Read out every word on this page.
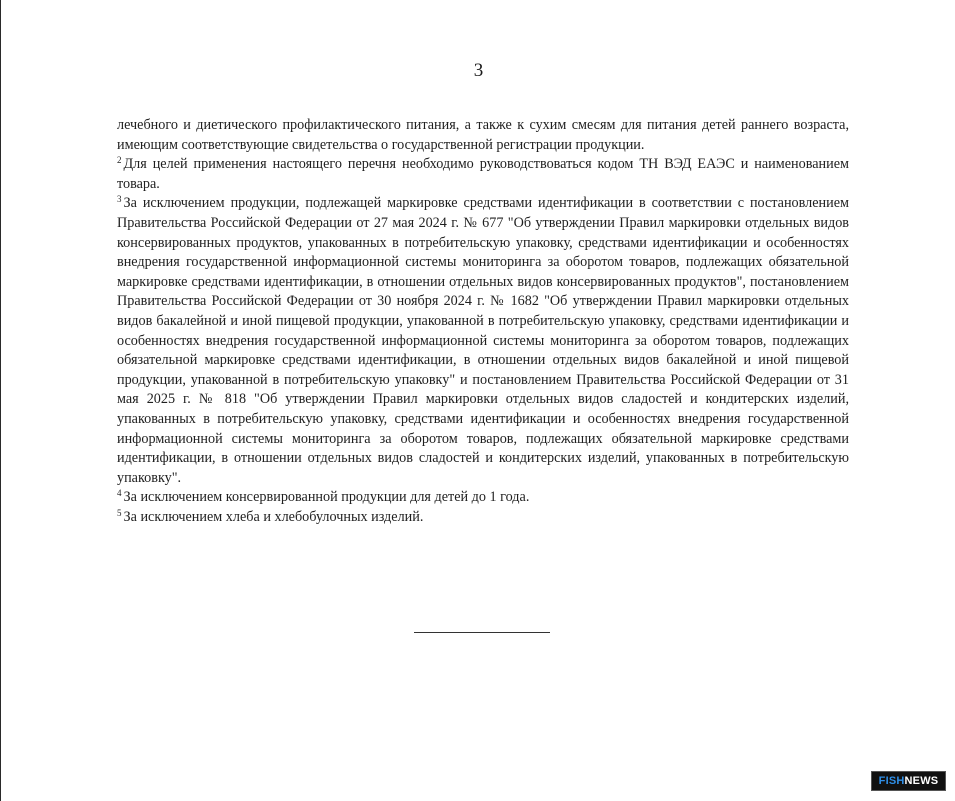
3

лечебного и диетического профилактического питания, а также к сухим смесям для питания детей раннего возраста, имеющим соответствующие свидетельства о государственной регистрации продукции.

$^2$ Для целей применения настоящего перечня необходимо руководствоваться кодом ТН ВЭД ЕАЭС и наименованием товара.

$^3$ За исключением продукции, подлежащей маркировке средствами идентификации в соответствии с постановлением Правительства Российской Федерации от 27 мая 2024 г. № 677 "Об утверждении Правил маркировки отдельных видов консервированных продуктов, упакованных в потребительскую упаковку, средствами идентификации и особенностях внедрения государственной информационной системы мониторинга за оборотом товаров, подлежащих обязательной маркировке средствами идентификации, в отношении отдельных видов консервированных продуктов", постановлением Правительства Российской Федерации от 30 ноября 2024 г. № 1682 "Об утверждении Правил маркировки отдельных видов бакалейной и иной пищевой продукции, упакованной в потребительскую упаковку, средствами идентификации и особенностях внедрения государственной информационной системы мониторинга за оборотом товаров, подлежащих обязательной маркировке средствами идентификации, в отношении отдельных видов бакалейной и иной пищевой продукции, упакованной в потребительскую упаковку" и постановлением Правительства Российской Федерации от 31 мая 2025 г. № 818 "Об утверждении Правил маркировки отдельных видов сладостей и кондитерских изделий, упакованных в потребительскую упаковку, средствами идентификации и особенностях внедрения государственной информационной системы мониторинга за оборотом товаров, подлежащих обязательной маркировке средствами идентификации, в отношении отдельных видов сладостей и кондитерских изделий, упакованных в потребительскую упаковку".

$^4$ За исключением консервированной продукции для детей до 1 года.

$^5$ За исключением хлеба и хлебобулочных изделий.

FISHNEWS
